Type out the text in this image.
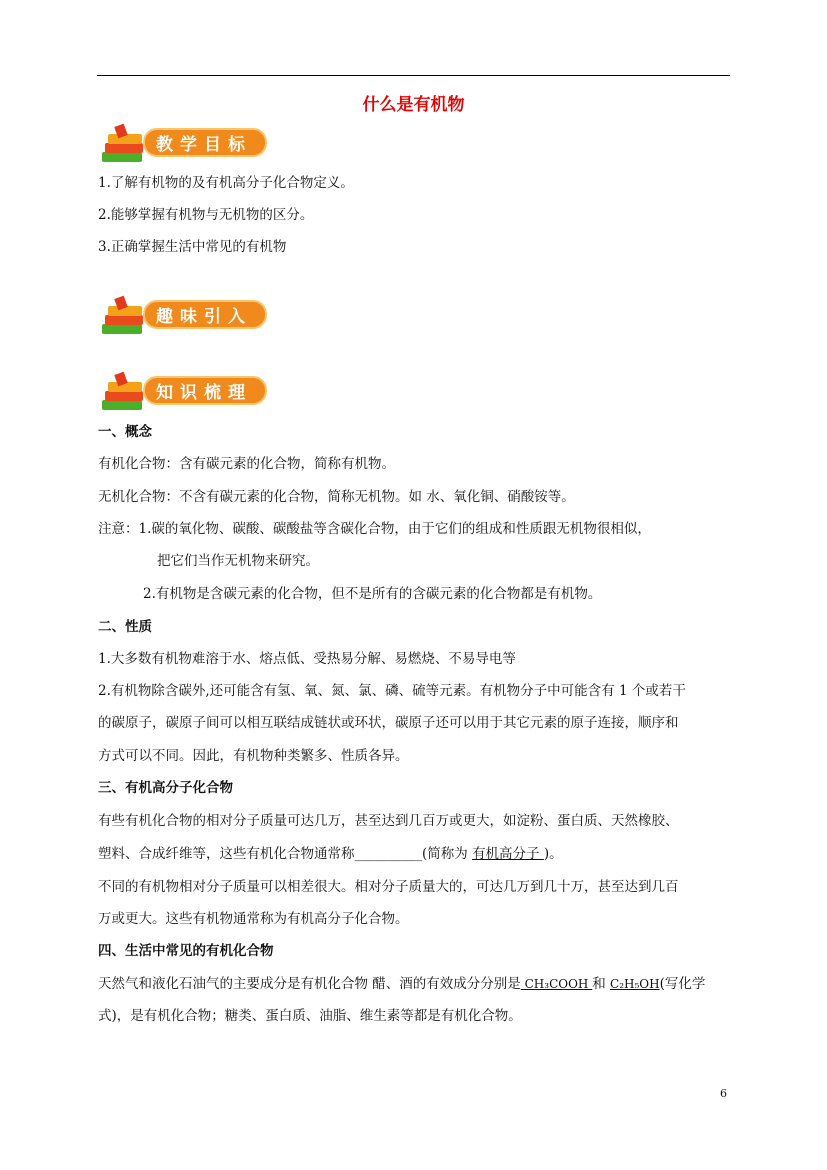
什么是有机物
教学目标
1.了解有机物的及有机高分子化合物定义。
2.能够掌握有机物与无机物的区分。
3.正确掌握生活中常见的有机物
趣味引入
知识梳理
一、概念
有机化合物：含有碳元素的化合物，简称有机物。
无机化合物：不含有碳元素的化合物，简称无机物。如 水、氧化铜、硝酸铵等。
注意：1.碳的氧化物、碳酸、碳酸盐等含碳化合物，由于它们的组成和性质跟无机物很相似，
把它们当作无机物来研究。
2.有机物是含碳元素的化合物，但不是所有的含碳元素的化合物都是有机物。
二、性质
1.大多数有机物难溶于水、熔点低、受热易分解、易燃烧、不易导电等
2.有机物除含碳外,还可能含有氢、氧、氮、氯、磷、硫等元素。有机物分子中可能含有 1 个或若干
的碳原子，碳原子间可以相互联结成链状或环状，碳原子还可以用于其它元素的原子连接，顺序和
方式可以不同。因此，有机物种类繁多、性质各异。
三、有机高分子化合物
有些有机化合物的相对分子质量可达几万，甚至达到几百万或更大，如淀粉、蛋白质、天然橡胶、
塑料、合成纤维等，这些有机化合物通常称__________(简称为 有机高分子 )。
不同的有机物相对分子质量可以相差很大。相对分子质量大的，可达几万到几十万，甚至达到几百
万或更大。这些有机物通常称为有机高分子化合物。
四、生活中常见的有机化合物
天然气和液化石油气的主要成分是有机化合物 醋、酒的有效成分分别是 CH₃COOH 和 C₂H₅OH(写化学
式)，是有机化合物；糖类、蛋白质、油脂、维生素等都是有机化合物。
6
